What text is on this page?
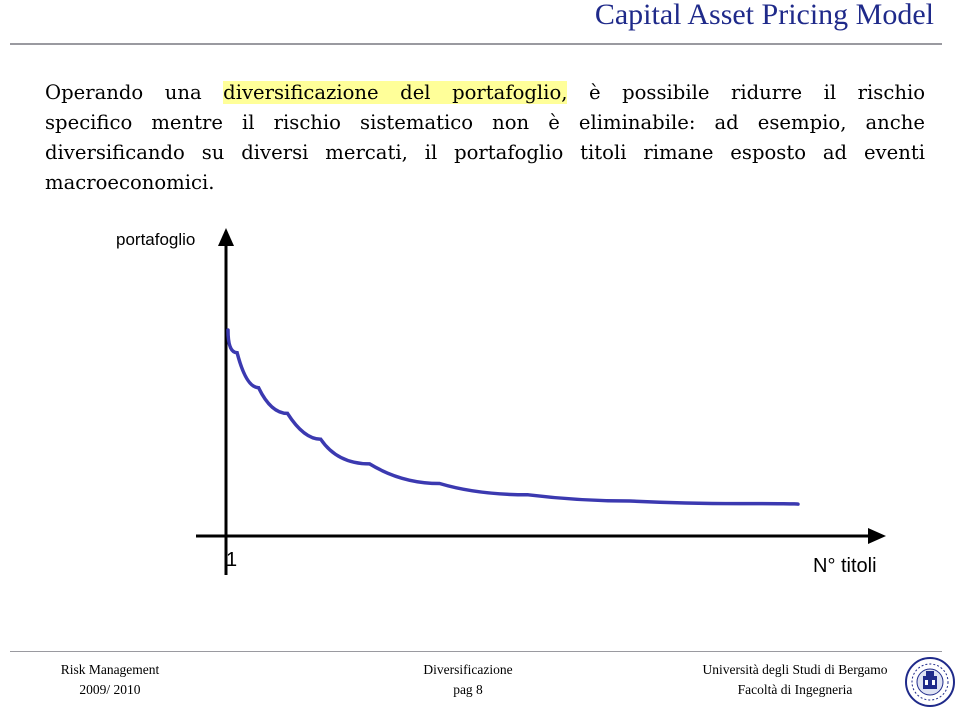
Capital Asset Pricing Model
Operando una diversificazione del portafoglio, è possibile ridurre il rischio
specifico mentre il rischio sistematico non è eliminabile: ad esempio, anche
diversificando su diversi mercati, il portafoglio titoli rimane esposto ad eventi
macroeconomici.
portafoglio
N° titoli
1
Risk Management
2009/ 2010
Diversificazione
pag 8
Università degli Studi di Bergamo
Facoltà di Ingegneria
